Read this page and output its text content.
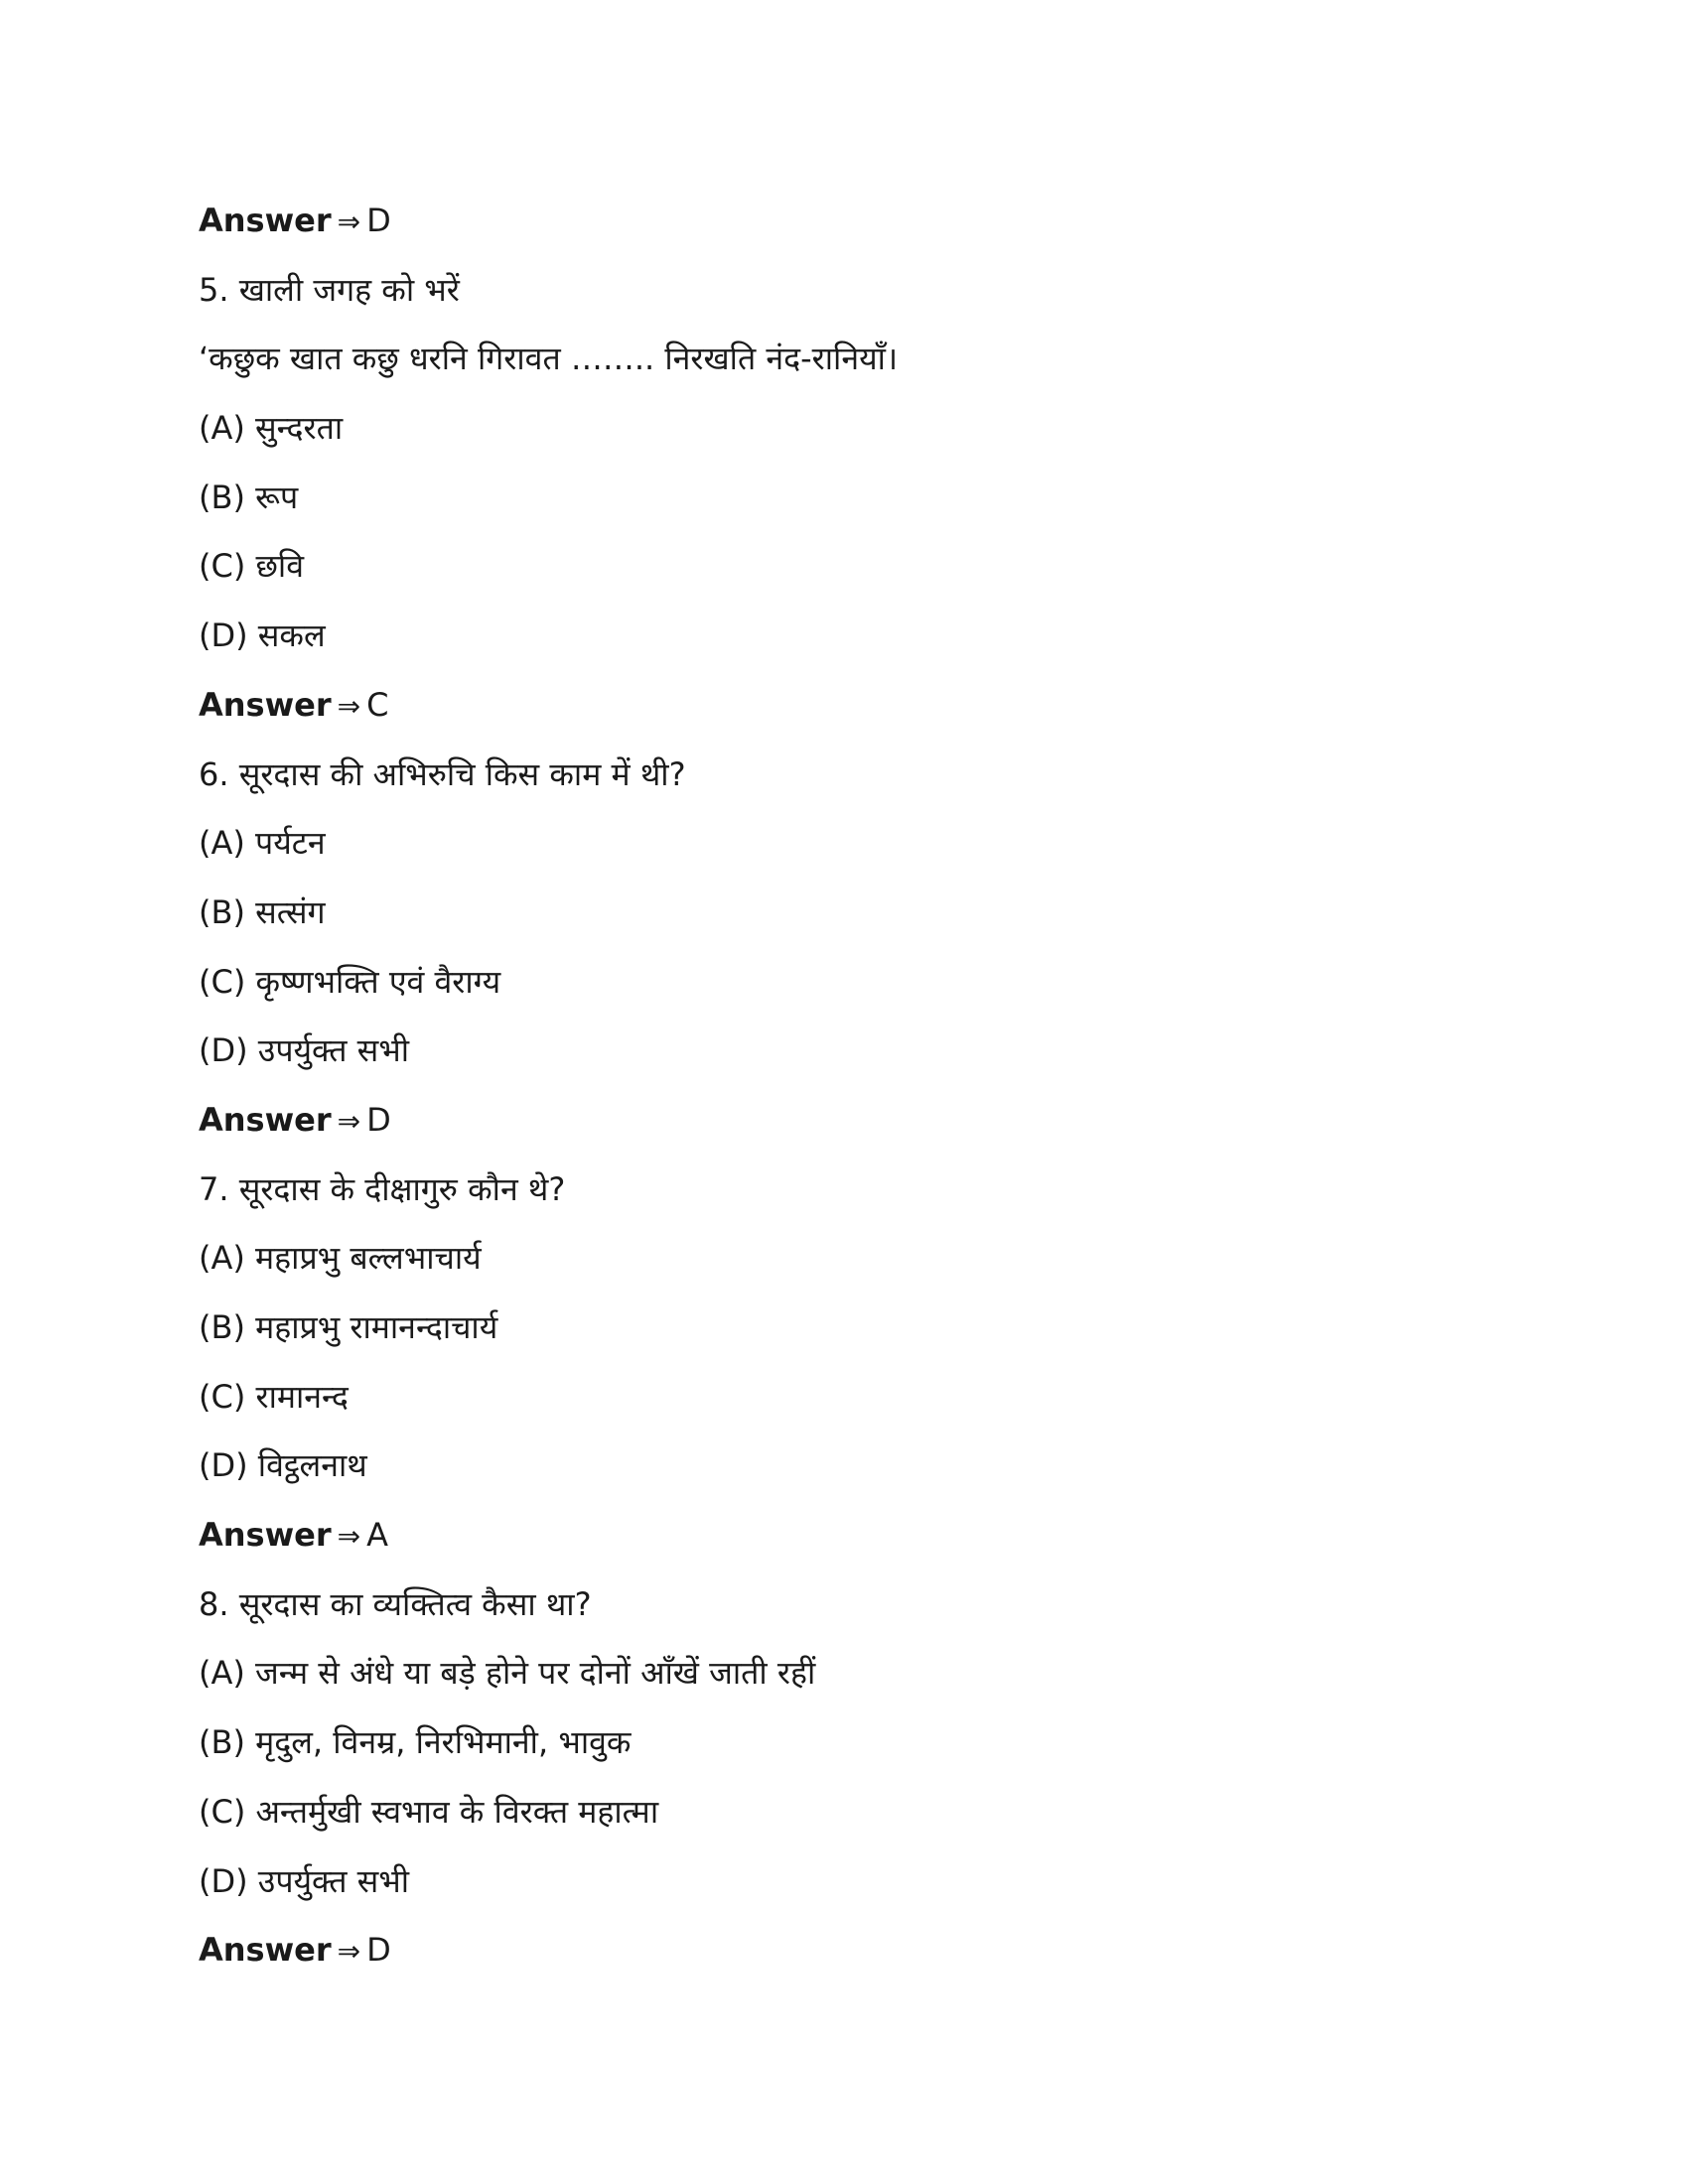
Answer ⇒ D
5. खाली जगह को भरें
‘कछुक खात कछु धरनि गिरावत …….. निरखति नंद-रानियाँ।
(A) सुन्दरता
(B) रूप
(C) छवि
(D) सकल
Answer ⇒ C
6. सूरदास की अभिरुचि किस काम में थी?
(A) पर्यटन
(B) सत्संग
(C) कृष्णभक्ति एवं वैराग्य
(D) उपर्युक्त सभी
Answer ⇒ D
7. सूरदास के दीक्षागुरु कौन थे?
(A) महाप्रभु बल्लभाचार्य
(B) महाप्रभु रामानन्दाचार्य
(C) रामानन्द
(D) विट्ठलनाथ
Answer ⇒ A
8. सूरदास का व्यक्तित्व कैसा था?
(A) जन्म से अंधे या बड़े होने पर दोनों आँखें जाती रहीं
(B) मृदुल, विनम्र, निरभिमानी, भावुक
(C) अन्तर्मुखी स्वभाव के विरक्त महात्मा
(D) उपर्युक्त सभी
Answer ⇒ D
